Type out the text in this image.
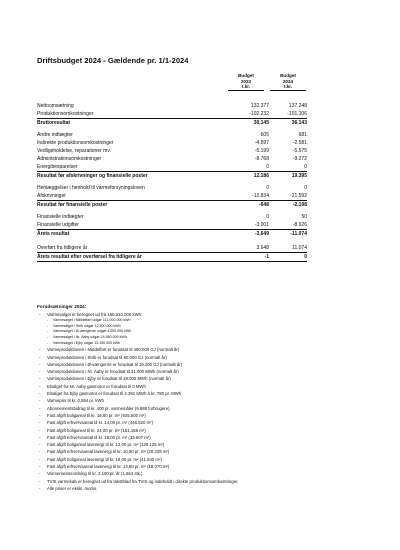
Driftsbudget 2024 - Gældende pr. 1/1-2024
Budget
2023
t.kr.
Budget
2024
t.kr.
Nettoomsætning	132.377	137.248
Produktionsomkostninger	-102.232	-101.106
Bruttoresultat	30.145	36.143
Andre indtægter	605	681
Indirekte produktionsomkostninger	-4.597	-2.581
Vedligeholdelse, reparationer mv.	-5.199	-5.575
Administrationsomkostninger	-8.768	-9.272
Energibesparelser	0	0
Resultat før afskrivninger og finansielle poster	12.186	19.395
Henlæggelser i henhold til varmeforsyningsloven	0	0
Afskrivninger	-12.834	-21.592
Resultat før finansielle poster	-648	-2.198
Finansielle indtægter	0	50
Finansielle udgifter	-3.001	-8.926
Årets resultat	-3.649	-11.074
Overført fra tidligere år	3.648	11.074
Årets resultat efter overførsel fra tidligere år	-1	0
Forudsætninger 2024:
- Varmesalget er beregnet ud fra 165.210.000 kWh:
- Varmesalget i Middelfart udgør 111.000.000 kWh
- Varmesalget i Strib udgør 12.500.000 kWh
- Varmesalget i Ø-vængerne udgør 4.000.000 kWh
- Varmesalget i Nr. Aaby udgør 24.560.000 kWh
- Varmesalget i Ejby udgør 13.150.000 kWh
- Varmeproduktionen i Middelfart er forudsat til 490.000 GJ (normalt år)
- Varmeproduktionen i Strib er forudsat til 60.000 GJ (normalt år)
- Varmeproduktionen i Ø-vængerne er forudsat til 19.200 GJ (normalt år)
- Varmeproduktionen i Nr. Aaby er forudsat til 31.000 MWh (normalt år)
- Varmeproduktionen i Ejby er forudsat til 18.000 MWh (normalt år)
- Elsalget fra Nr. Aaby gasmotor er forudsat til 0 MWh
- Elsalget fra Ejby gasmotor er forudsat til 4.391 MWh à kr. 780 pr. MWh
- Varmepris til kr. 0,564 pr. kWh
- Abonnementsbidrag til kr. 400 pr. varmemåler (9.688 forbrugere)
- Fast afgift boligareal til kr. 16,00 pr. m² (925.500 m²)
- Fast afgift erhvervsareal til kr. 14,00 pr. m² (446.820 m²)
- Fast afgift boligareal til kr. 24,00 pr. m² (151.159 m²)
- Fast afgift erhvervsareal til kr. 18,00 pr. m² (33.607 m²)
- Fast afgift boligareal lavenergi til kr. 12,00 pr. m² (129.125 m²)
- Fast afgift erhvervsareal lavenergi til kr. 10,50 pr. m² (20.228 m²)
- Fast afgift boligareal lavenergi til kr. 18,00 pr. m² (41.540 m²)
- Fast afgift erhvervsareal lavenergi til kr. 13,50 pr. m² (18.070 m²)
- Varmemesterordning til kr. 2.100 pr. år (1.564 stk.)
- TVIS varmekøb er beregnet ud fra takstblad fra TVIS og indeholdt i direkte produktionsomkostninger.
- Alle priser er ekskl. moms.
